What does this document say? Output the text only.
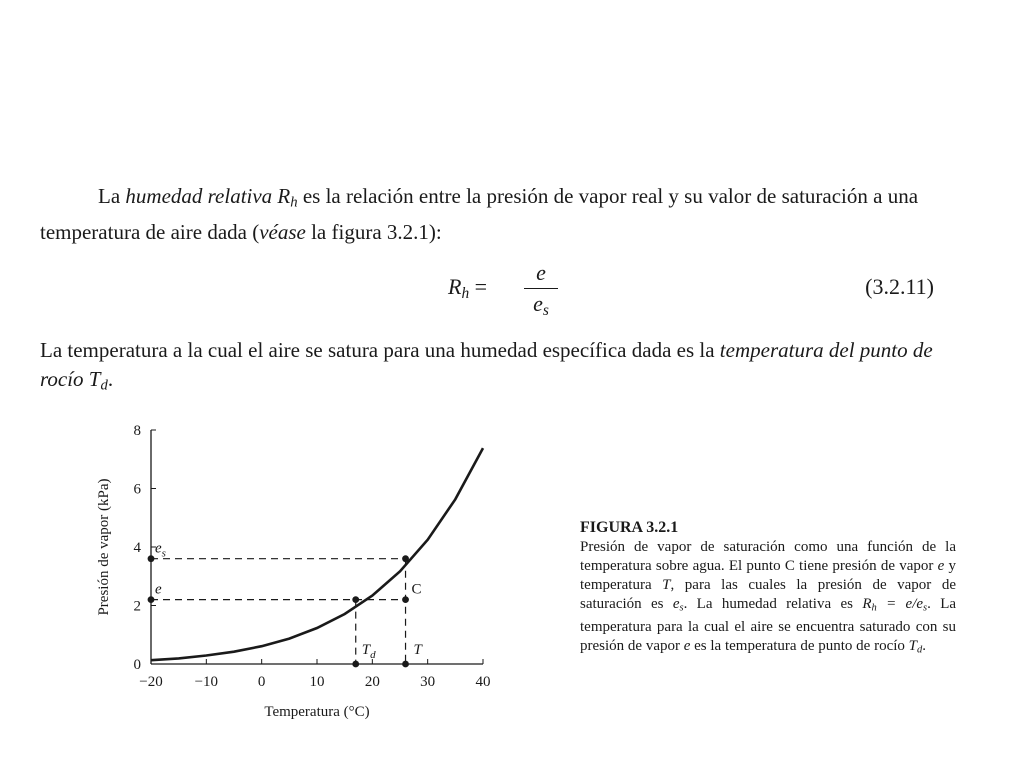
La humedad relativa $R_h$ es la relación entre la presión de vapor real y su valor de saturación a una temperatura de aire dada (véase la figura 3.2.1):
$R_h$ =
e
$e_s$
(3.2.11)
La temperatura a la cual el aire se satura para una humedad específica dada es la temperatura del punto de rocío $T_d$.
−20 −10	0	10	20	30	40
0
2
4
6
8
Temperatura (°C)
Presión de vapor (kPa)	$e_s$
e	C
$T_d$	T
FIGURA 3.2.1
Presión de vapor de saturación como una función de la temperatura sobre agua. El punto C tiene presión de vapor e y temperatura T, para las cuales la presión de vapor de saturación es $e_s$. La humedad relativa es $R_h = e/e_s$. La temperatura para la cual el aire se encuentra saturado con su presión de vapor e es la temperatura de punto de rocío $T_d$.
